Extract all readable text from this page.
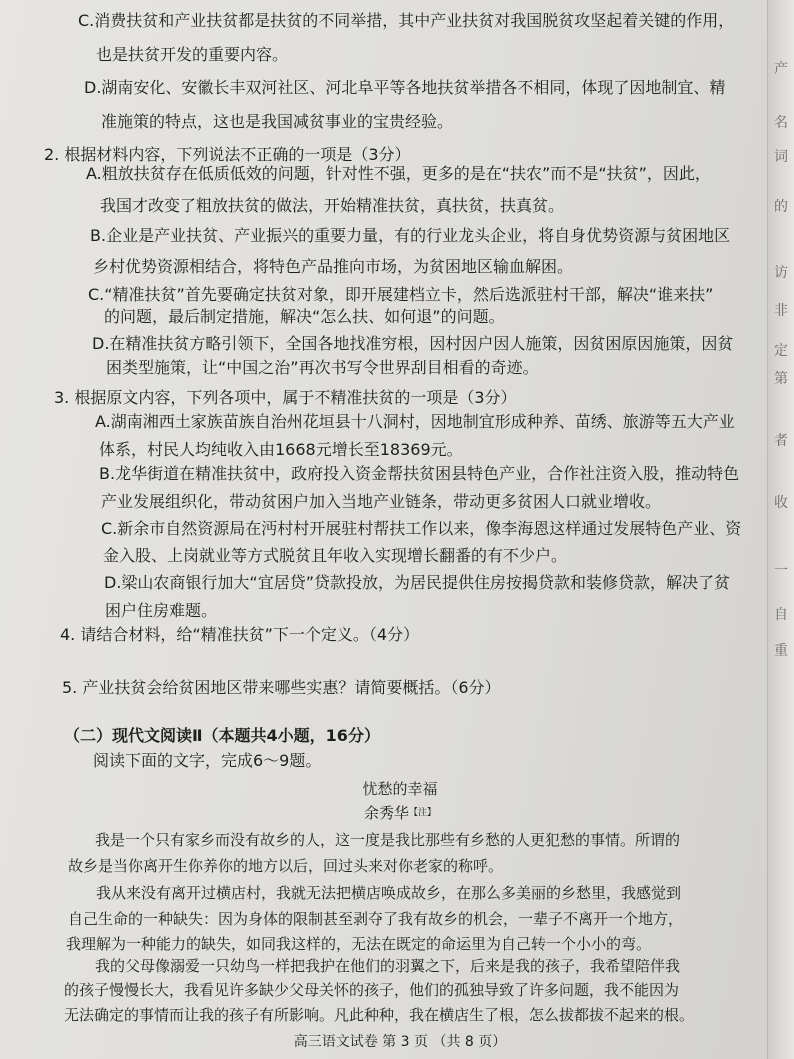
产
名
词
的
访
非
定
第
者
收
一
自
重
C.消费扶贫和产业扶贫都是扶贫的不同举措，其中产业扶贫对我国脱贫攻坚起着关键的作用，
也是扶贫开发的重要内容。
D.湖南安化、安徽长丰双河社区、河北阜平等各地扶贫举措各不相同，体现了因地制宜、精
准施策的特点，这也是我国减贫事业的宝贵经验。
2. 根据材料内容，下列说法不正确的一项是（3分）
A.粗放扶贫存在低质低效的问题，针对性不强，更多的是在“扶农”而不是“扶贫”，因此，
我国才改变了粗放扶贫的做法，开始精准扶贫，真扶贫，扶真贫。
B.企业是产业扶贫、产业振兴的重要力量，有的行业龙头企业，将自身优势资源与贫困地区
乡村优势资源相结合，将特色产品推向市场，为贫困地区输血解困。
C.“精准扶贫”首先要确定扶贫对象，即开展建档立卡，然后选派驻村干部，解决“谁来扶”
的问题，最后制定措施，解决“怎么扶、如何退”的问题。
D.在精准扶贫方略引领下，全国各地找准穷根，因村因户因人施策，因贫困原因施策，因贫
困类型施策，让“中国之治”再次书写令世界刮目相看的奇迹。
3. 根据原文内容，下列各项中，属于不精准扶贫的一项是（3分）
A.湖南湘西土家族苗族自治州花垣县十八洞村，因地制宜形成种养、苗绣、旅游等五大产业
体系，村民人均纯收入由1668元增长至18369元。
B.龙华街道在精准扶贫中，政府投入资金帮扶贫困县特色产业，合作社注资入股，推动特色
产业发展组织化，带动贫困户加入当地产业链条，带动更多贫困人口就业增收。
C.新余市自然资源局在沔村村开展驻村帮扶工作以来，像李海恩这样通过发展特色产业、资
金入股、上岗就业等方式脱贫且年收入实现增长翻番的有不少户。
D.梁山农商银行加大“宜居贷”贷款投放，为居民提供住房按揭贷款和装修贷款，解决了贫
困户住房难题。
4. 请结合材料，给“精准扶贫”下一个定义。（4分）
5. 产业扶贫会给贫困地区带来哪些实惠？请简要概括。（6分）
（二）现代文阅读Ⅱ（本题共4小题，16分）
阅读下面的文字，完成6～9题。
忧愁的幸福
余秀华$^{【注】}$
我是一个只有家乡而没有故乡的人，这一度是我比那些有乡愁的人更犯愁的事情。所谓的
故乡是当你离开生你养你的地方以后，回过头来对你老家的称呼。
我从来没有离开过横店村，我就无法把横店唤成故乡，在那么多美丽的乡愁里，我感觉到
自己生命的一种缺失：因为身体的限制甚至剥夺了我有故乡的机会，一辈子不离开一个地方，
我理解为一种能力的缺失，如同我这样的，无法在既定的命运里为自己转一个小小的弯。
我的父母像溺爱一只幼鸟一样把我护在他们的羽翼之下，后来是我的孩子，我希望陪伴我
的孩子慢慢长大，我看见许多缺少父母关怀的孩子，他们的孤独导致了许多问题，我不能因为
无法确定的事情而让我的孩子有所影响。凡此种种，我在横店生了根，怎么拔都拔不起来的根。
高三语文试卷 第 3 页 （共 8 页）
